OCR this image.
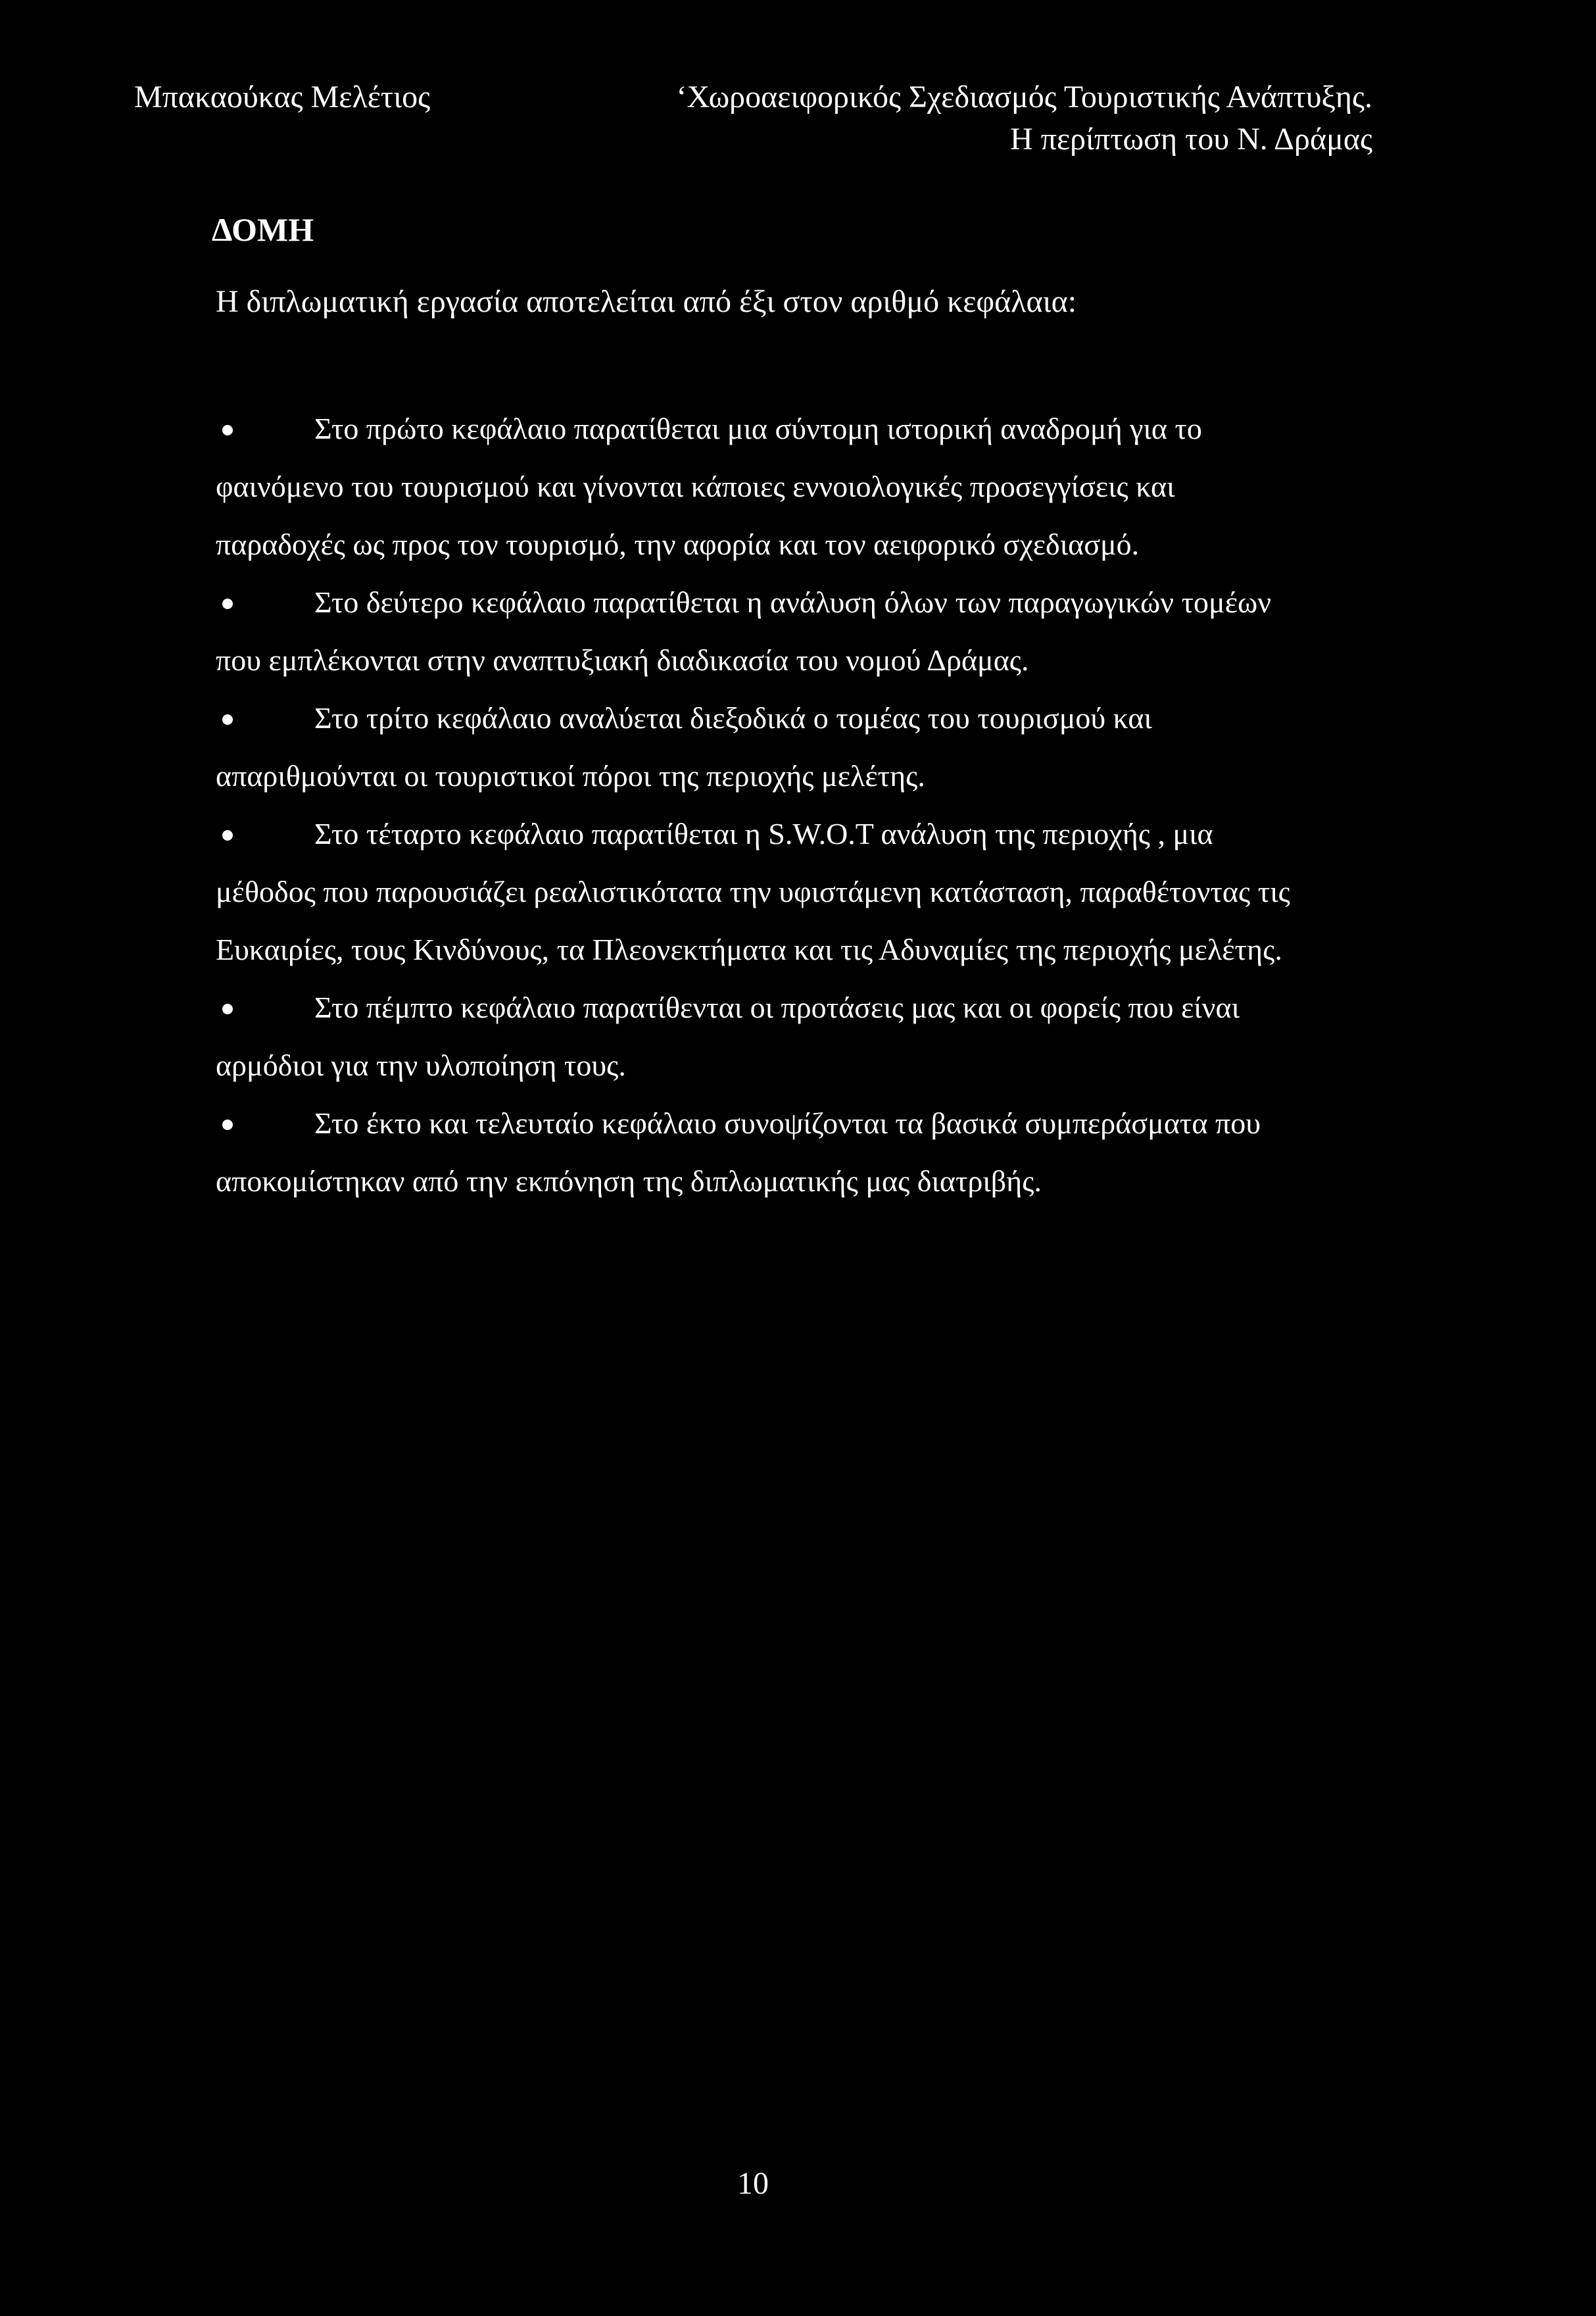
Μπακαούκας Μελέτιος	‘Χωροαειφορικός Σχεδιασμός Τουριστικής Ανάπτυξης.
Η περίπτωση του Ν. Δράμας
ΔΟΜΗ
Η διπλωματική εργασία αποτελείται από έξι στον αριθμό κεφάλαια:
Στο πρώτο κεφάλαιο παρατίθεται μια σύντομη ιστορική αναδρομή για το φαινόμενο του τουρισμού και γίνονται κάποιες εννοιολογικές προσεγγίσεις και παραδοχές ως προς τον τουρισμό, την αφορία και τον αειφορικό σχεδιασμό.
Στο δεύτερο κεφάλαιο παρατίθεται η ανάλυση όλων των παραγωγικών τομέων που εμπλέκονται στην αναπτυξιακή διαδικασία του νομού Δράμας.
Στο τρίτο κεφάλαιο αναλύεται διεξοδικά ο τομέας του τουρισμού και απαριθμούνται οι τουριστικοί πόροι της περιοχής μελέτης.
Στο τέταρτο κεφάλαιο παρατίθεται η S.W.O.T ανάλυση της περιοχής , μια μέθοδος που παρουσιάζει ρεαλιστικότατα την υφιστάμενη κατάσταση, παραθέτοντας τις Ευκαιρίες, τους Κινδύνους, τα Πλεονεκτήματα και τις Αδυναμίες της περιοχής μελέτης.
Στο πέμπτο κεφάλαιο παρατίθενται οι προτάσεις μας και οι φορείς που είναι αρμόδιοι για την υλοποίηση τους.
Στο έκτο και τελευταίο κεφάλαιο συνοψίζονται τα βασικά συμπεράσματα που αποκομίστηκαν από την εκπόνηση της διπλωματικής μας διατριβής.
10
